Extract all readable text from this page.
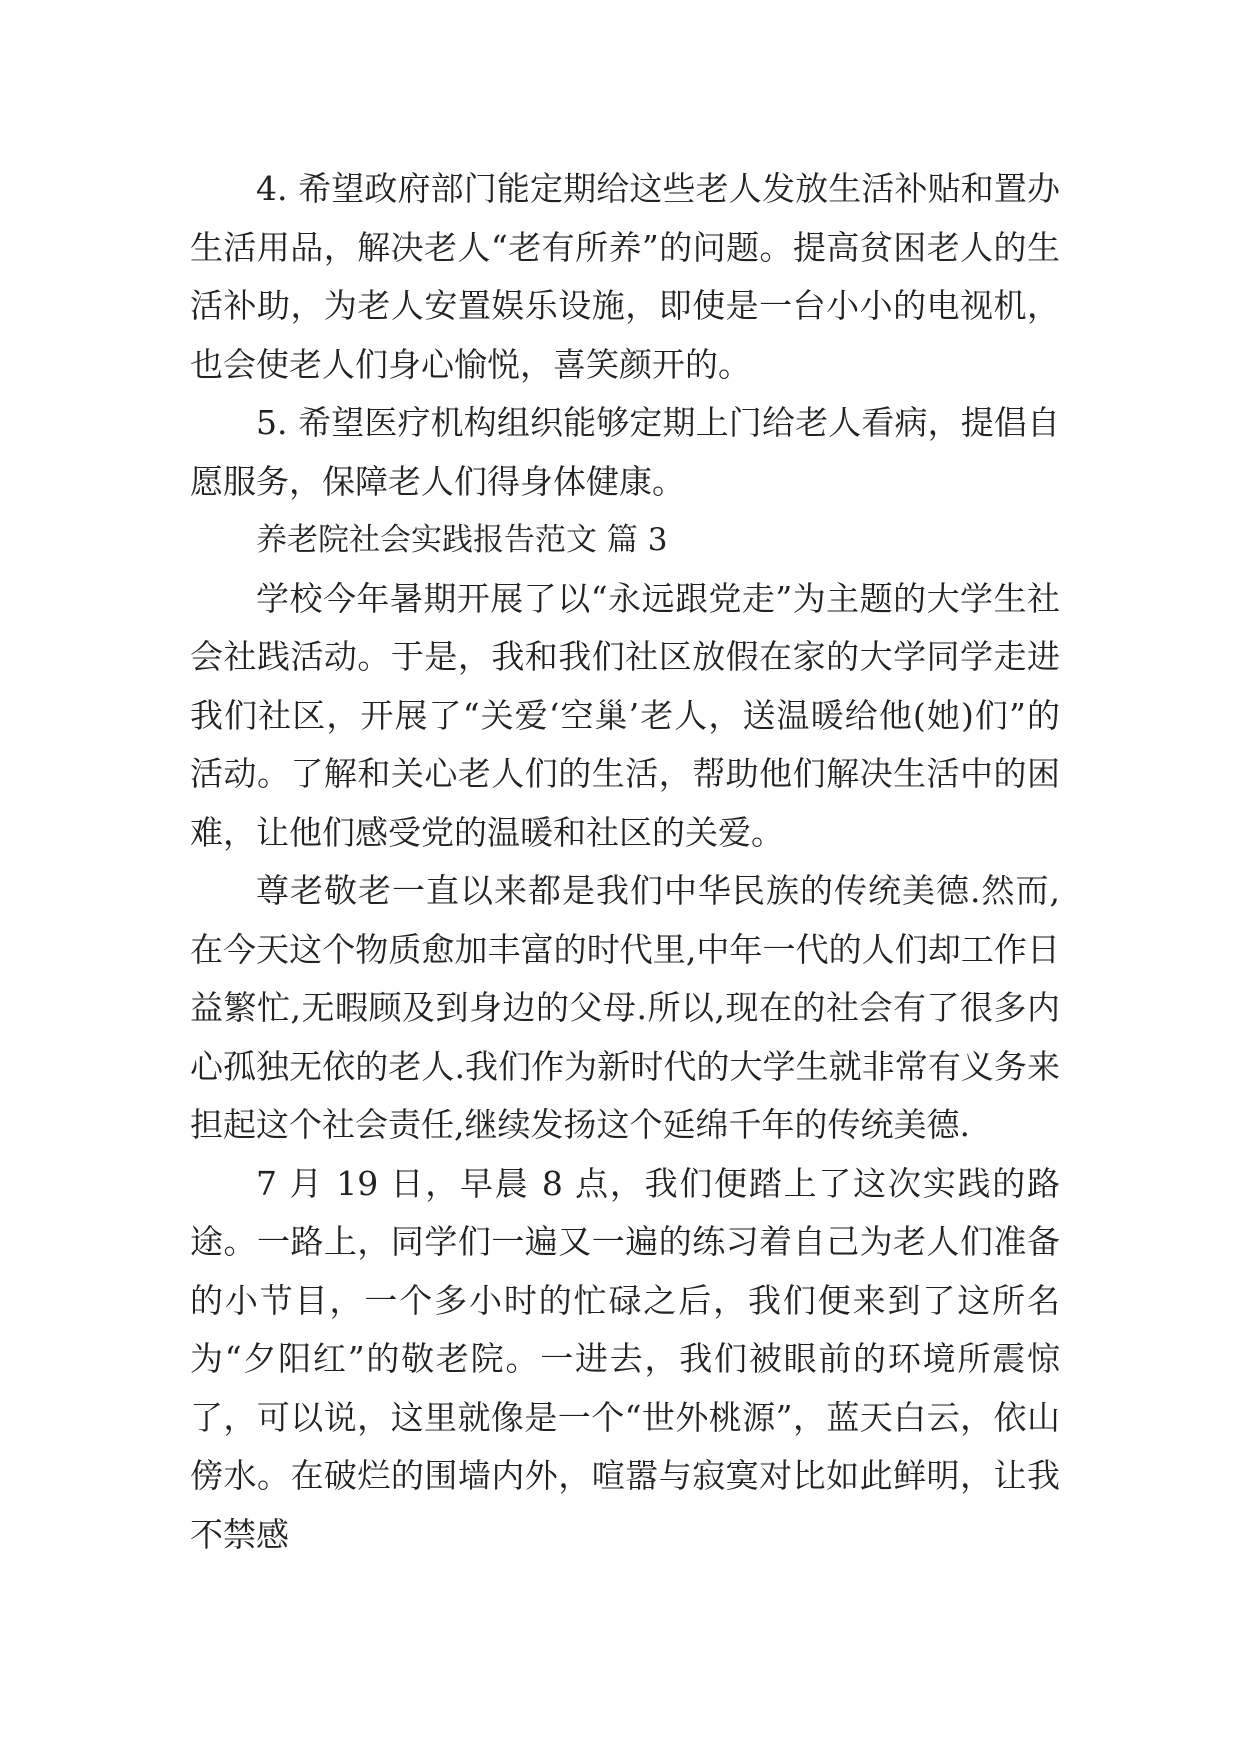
4. 希望政府部门能定期给这些老人发放生活补贴和置办生活用品，解决老人“老有所养”的问题。提高贫困老人的生活补助，为老人安置娱乐设施，即使是一台小小的电视机，也会使老人们身心愉悦，喜笑颜开的。

5. 希望医疗机构组织能够定期上门给老人看病，提倡自愿服务，保障老人们得身体健康。

养老院社会实践报告范文 篇 3

学校今年暑期开展了以“永远跟党走”为主题的大学生社会社践活动。于是，我和我们社区放假在家的大学同学走进我们社区，开展了“关爱‘空巢’老人，送温暖给他(她)们”的活动。了解和关心老人们的生活，帮助他们解决生活中的困难，让他们感受党的温暖和社区的关爱。

尊老敬老一直以来都是我们中华民族的传统美德.然而,在今天这个物质愈加丰富的时代里,中年一代的人们却工作日益繁忙,无暇顾及到身边的父母.所以,现在的社会有了很多内心孤独无依的老人.我们作为新时代的大学生就非常有义务来担起这个社会责任,继续发扬这个延绵千年的传统美德.

7 月 19 日，早晨 8 点，我们便踏上了这次实践的路途。一路上，同学们一遍又一遍的练习着自己为老人们准备的小节目，一个多小时的忙碌之后，我们便来到了这所名为“夕阳红”的敬老院。一进去，我们被眼前的环境所震惊了，可以说，这里就像是一个“世外桃源”，蓝天白云，依山傍水。在破烂的围墙内外，喧嚣与寂寞对比如此鲜明，让我不禁感
